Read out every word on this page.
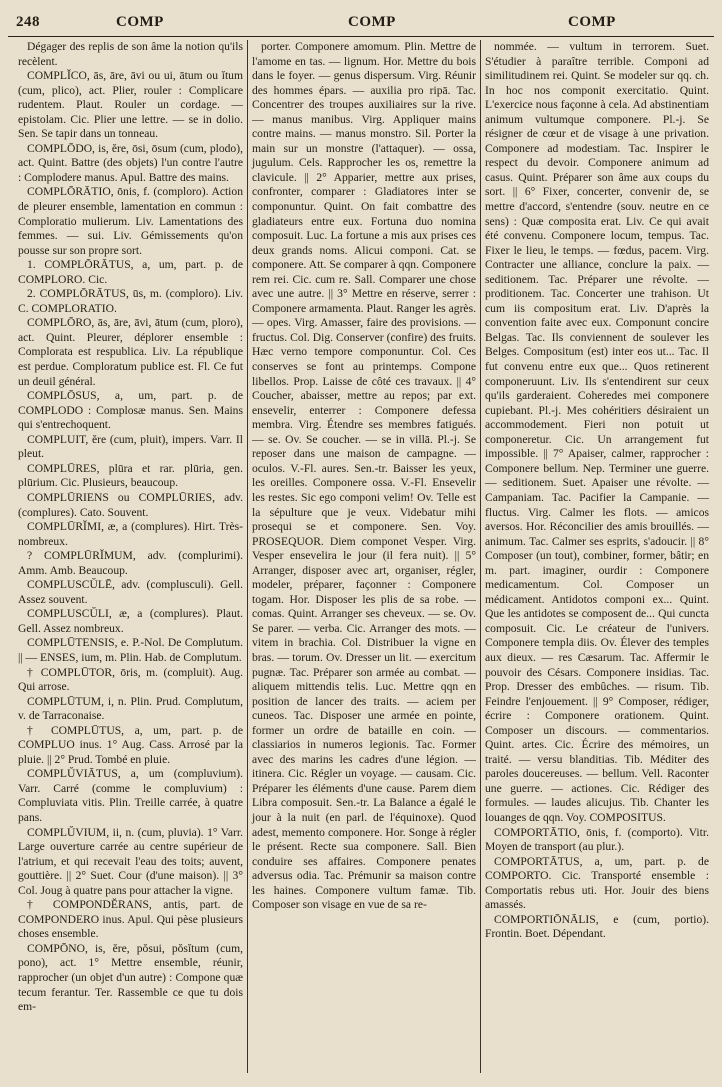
248	COMP	COMP	COMP

Dégager des replis de son âme la notion qu'ils recèlent.

COMPLĬCO, ās, āre, āvi ou ui, ātum ou ĭtum (cum, plico), act. Plier, rouler : Complicare rudentem. Plaut. Rouler un cordage. — epistolam. Cic. Plier une lettre. — se in dolio. Sen. Se tapir dans un tonneau.

COMPLŌDO, is, ĕre, ōsi, ōsum (cum, plodo), act. Quint. Battre (des objets) l'un contre l'autre : Complodere manus. Apul. Battre des mains.

COMPLŌRĀTIO, ōnis, f. (comploro). Action de pleurer ensemble, lamentation en commun : Comploratio mulierum. Liv. Lamentations des femmes. — sui. Liv. Gémissements qu'on pousse sur son propre sort.

1. COMPLŌRĀTUS, a, um, part. p. de COMPLORO. Cic.

2. COMPLŌRĀTUS, ūs, m. (comploro). Liv. C. COMPLORATIO.

COMPLŌRO, ās, āre, āvi, ātum (cum, ploro), act. Quint. Pleurer, déplorer ensemble : Complorata est respublica. Liv. La république est perdue. Comploratum publice est. Fl. Ce fut un deuil général.

COMPLŌSUS, a, um, part. p. de COMPLODO : Complosæ manus. Sen. Mains qui s'entrechoquent.

COMPLUIT, ĕre (cum, pluit), impers. Varr. Il pleut.

COMPLŪRES, plūra et rar. plūria, gen. plūrium. Cic. Plusieurs, beaucoup.

COMPLŪRIENS ou COMPLŪRIES, adv. (complures). Cato. Souvent.

COMPLŪRĬMI, æ, a (complures). Hirt. Très-nombreux.

? COMPLŪRĬMUM, adv. (complurimi). Amm. Amb. Beaucoup.

COMPLUSCŬLĒ, adv. (complusculi). Gell. Assez souvent.

COMPLUSCŬLI, æ, a (complures). Plaut. Gell. Assez nombreux.

COMPLŪTENSIS, e. P.-Nol. De Complutum. || — ENSES, ium, m. Plin. Hab. de Complutum.

† COMPLŪTOR, ōris, m. (compluit). Aug. Qui arrose.

COMPLŪTUM, i, n. Plin. Prud. Complutum, v. de Tarraconaise.

† COMPLŪTUS, a, um, part. p. de COMPLUO inus. 1° Aug. Cass. Arrosé par la pluie. || 2° Prud. Tombé en pluie.

COMPLŬVIĀTUS, a, um (compluvium). Varr. Carré (comme le compluvium) : Compluviata vitis. Plin. Treille carrée, à quatre pans.

COMPLŬVIUM, ii, n. (cum, pluvia). 1° Varr. Large ouverture carrée au centre supérieur de l'atrium, et qui recevait l'eau des toits; auvent, gouttière. || 2° Suet. Cour (d'une maison). || 3° Col. Joug à quatre pans pour attacher la vigne.

† COMPONDĔRANS, antis, part. de COMPONDERO inus. Apul. Qui pèse plusieurs choses ensemble.

COMPŌNO, is, ĕre, pŏsui, pŏsĭtum (cum, pono), act. 1° Mettre ensemble, réunir, rapprocher (un objet d'un autre) : Compone quæ tecum ferantur. Ter. Rassemble ce que tu dois em-

porter. Componere amomum. Plin. Mettre de l'amome en tas. — lignum. Hor. Mettre du bois dans le foyer. — genus dispersum. Virg. Réunir des hommes épars. — auxilia pro ripā. Tac. Concentrer des troupes auxiliaires sur la rive. — manus manibus. Virg. Appliquer mains contre mains. — manus monstro. Sil. Porter la main sur un monstre (l'attaquer). — ossa, jugulum. Cels. Rapprocher les os, remettre la clavicule. || 2° Apparier, mettre aux prises, confronter, comparer : Gladiatores inter se componuntur. Quint. On fait combattre des gladiateurs entre eux. Fortuna duo nomina composuit. Luc. La fortune a mis aux prises ces deux grands noms. Alicui componi. Cat. se componere. Att. Se comparer à qqn. Componere rem rei. Cic. cum re. Sall. Comparer une chose avec une autre. || 3° Mettre en réserve, serrer : Componere armamenta. Plaut. Ranger les agrès. — opes. Virg. Amasser, faire des provisions. — fructus. Col. Dig. Conserver (confire) des fruits. Hæc verno tempore componuntur. Col. Ces conserves se font au printemps. Compone libellos. Prop. Laisse de côté ces travaux. || 4° Coucher, abaisser, mettre au repos; par ext. ensevelir, enterrer : Componere defessa membra. Virg. Étendre ses membres fatigués. — se. Ov. Se coucher. — se in villā. Pl.-j. Se reposer dans une maison de campagne. — oculos. V.-Fl. aures. Sen.-tr. Baisser les yeux, les oreilles. Componere ossa. V.-Fl. Ensevelir les restes. Sic ego componi velim! Ov. Telle est la sépulture que je veux. Videbatur mihi prosequi se et componere. Sen. Voy. PROSEQUOR. Diem componet Vesper. Virg. Vesper ensevelira le jour (il fera nuit). || 5° Arranger, disposer avec art, organiser, régler, modeler, préparer, façonner : Componere togam. Hor. Disposer les plis de sa robe. — comas. Quint. Arranger ses cheveux. — se. Ov. Se parer. — verba. Cic. Arranger des mots. — vitem in brachia. Col. Distribuer la vigne en bras. — torum. Ov. Dresser un lit. — exercitum pugnæ. Tac. Préparer son armée au combat. — aliquem mittendis telis. Luc. Mettre qqn en position de lancer des traits. — aciem per cuneos. Tac. Disposer une armée en pointe, former un ordre de bataille en coin. — classiarios in numeros legionis. Tac. Former avec des marins les cadres d'une légion. — itinera. Cic. Régler un voyage. — causam. Cic. Préparer les éléments d'une cause. Parem diem Libra composuit. Sen.-tr. La Balance a égalé le jour à la nuit (en parl. de l'équinoxe). Quod adest, memento componere. Hor. Songe à régler le présent. Recte sua componere. Sall. Bien conduire ses affaires. Componere penates adversus odia. Tac. Prémunir sa maison contre les haines. Componere vultum famæ. Tib. Composer son visage en vue de sa re-

nommée. — vultum in terrorem. Suet. S'étudier à paraître terrible. Componi ad similitudinem rei. Quint. Se modeler sur qq. ch. In hoc nos componit exercitatio. Quint. L'exercice nous façonne à cela. Ad abstinentiam animum vultumque componere. Pl.-j. Se résigner de cœur et de visage à une privation. Componere ad modestiam. Tac. Inspirer le respect du devoir. Componere animum ad casus. Quint. Préparer son âme aux coups du sort. || 6° Fixer, concerter, convenir de, se mettre d'accord, s'entendre (souv. neutre en ce sens) : Quæ composita erat. Liv. Ce qui avait été convenu. Componere locum, tempus. Tac. Fixer le lieu, le temps. — fœdus, pacem. Virg. Contracter une alliance, conclure la paix. — seditionem. Tac. Préparer une révolte. — proditionem. Tac. Concerter une trahison. Ut cum iis compositum erat. Liv. D'après la convention faite avec eux. Componunt concire Belgas. Tac. Ils conviennent de soulever les Belges. Compositum (est) inter eos ut... Tac. Il fut convenu entre eux que... Quos retinerent componeruunt. Liv. Ils s'entendirent sur ceux qu'ils garderaient. Coheredes mei componere cupiebant. Pl.-j. Mes cohéritiers désiraient un accommodement. Fieri non potuit ut componeretur. Cic. Un arrangement fut impossible. || 7° Apaiser, calmer, rapprocher : Componere bellum. Nep. Terminer une guerre. — seditionem. Suet. Apaiser une révolte. — Campaniam. Tac. Pacifier la Campanie. — fluctus. Virg. Calmer les flots. — amicos aversos. Hor. Réconcilier des amis brouillés. — animum. Tac. Calmer ses esprits, s'adoucir. || 8° Composer (un tout), combiner, former, bâtir; en m. part. imaginer, ourdir : Componere medicamentum. Col. Composer un médicament. Antidotos componi ex... Quint. Que les antidotes se composent de... Qui cuncta composuit. Cic. Le créateur de l'univers. Componere templa diis. Ov. Élever des temples aux dieux. — res Cæsarum. Tac. Affermir le pouvoir des Césars. Componere insidias. Tac. Prop. Dresser des embûches. — risum. Tib. Feindre l'enjouement. || 9° Composer, rédiger, écrire : Componere orationem. Quint. Composer un discours. — commentarios. Quint. artes. Cic. Écrire des mémoires, un traité. — versu blanditias. Tib. Méditer des paroles doucereuses. — bellum. Vell. Raconter une guerre. — actiones. Cic. Rédiger des formules. — laudes alicujus. Tib. Chanter les louanges de qqn. Voy. COMPOSITUS.

COMPORTĀTIO, ōnis, f. (comporto). Vitr. Moyen de transport (au plur.).

COMPORTĀTUS, a, um, part. p. de COMPORTO. Cic. Transporté ensemble : Comportatis rebus uti. Hor. Jouir des biens amassés.

COMPORTIŌNĀLIS, e (cum, portio). Frontin. Boet. Dépendant.
